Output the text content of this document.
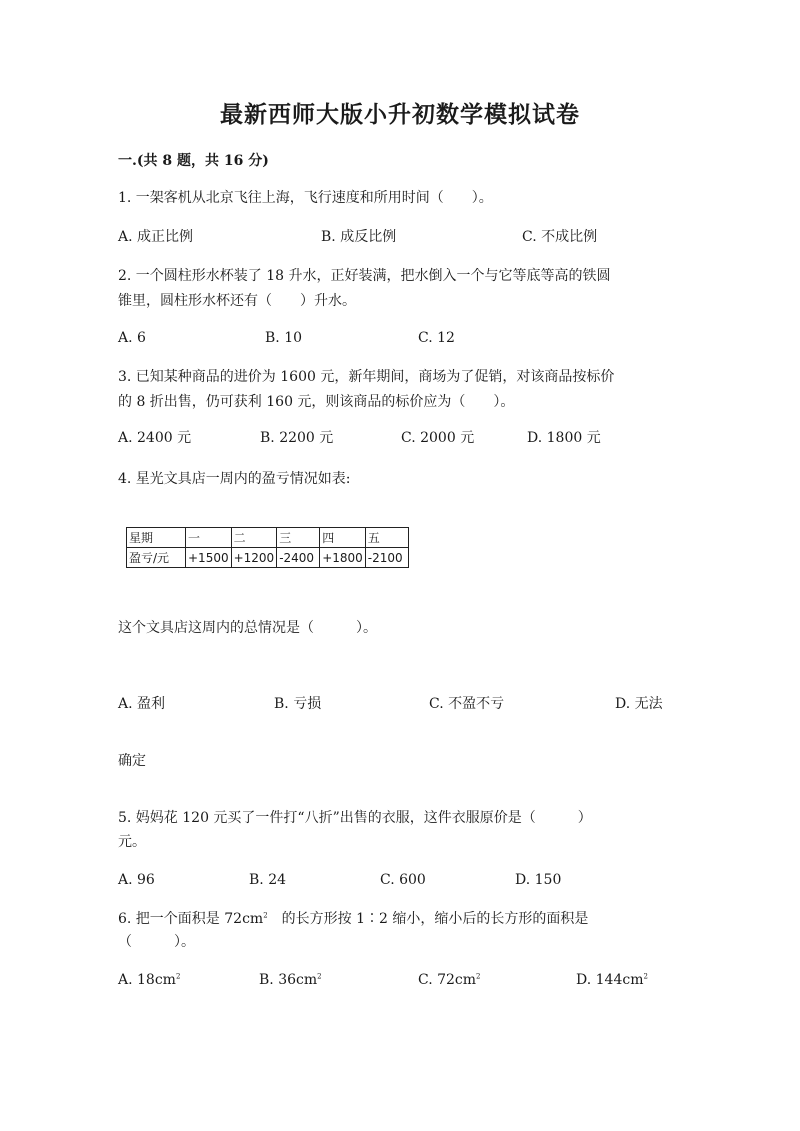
最新西师大版小升初数学模拟试卷
一.(共 8 题，共 16 分)
1. 一架客机从北京飞往上海，飞行速度和所用时间（　　）。
A. 成正比例	B. 成反比例	C. 不成比例
2. 一个圆柱形水杯装了 18 升水，正好装满，把水倒入一个与它等底等高的铁圆
锥里，圆柱形水杯还有（　　）升水。
A. 6	B. 10	C. 12
3. 已知某种商品的进价为 1600 元，新年期间，商场为了促销，对该商品按标价
的 8 折出售，仍可获利 160 元，则该商品的标价应为（　　）。
A. 2400 元	B. 2200 元	C. 2000 元	D. 1800 元
4. 星光文具店一周内的盈亏情况如表:
星期	一	二	三	四	五
盈亏/元	+1500	+1200	-2400	+1800	-2100
这个文具店这周内的总情况是（　　　）。
A. 盈利	B. 亏损	C. 不盈不亏	D. 无法
确定
5. 妈妈花 120 元买了一件打“八折”出售的衣服，这件衣服原价是（　　　）
元。
A. 96	B. 24	C. 600	D. 150
6. 把一个面积是 $72cm^2$　的长方形按 1∶2 缩小，缩小后的长方形的面积是
（　　　）。
A. $18cm^2$	B. $36cm^2$	C. $72cm^2$	D. $144cm^2$
